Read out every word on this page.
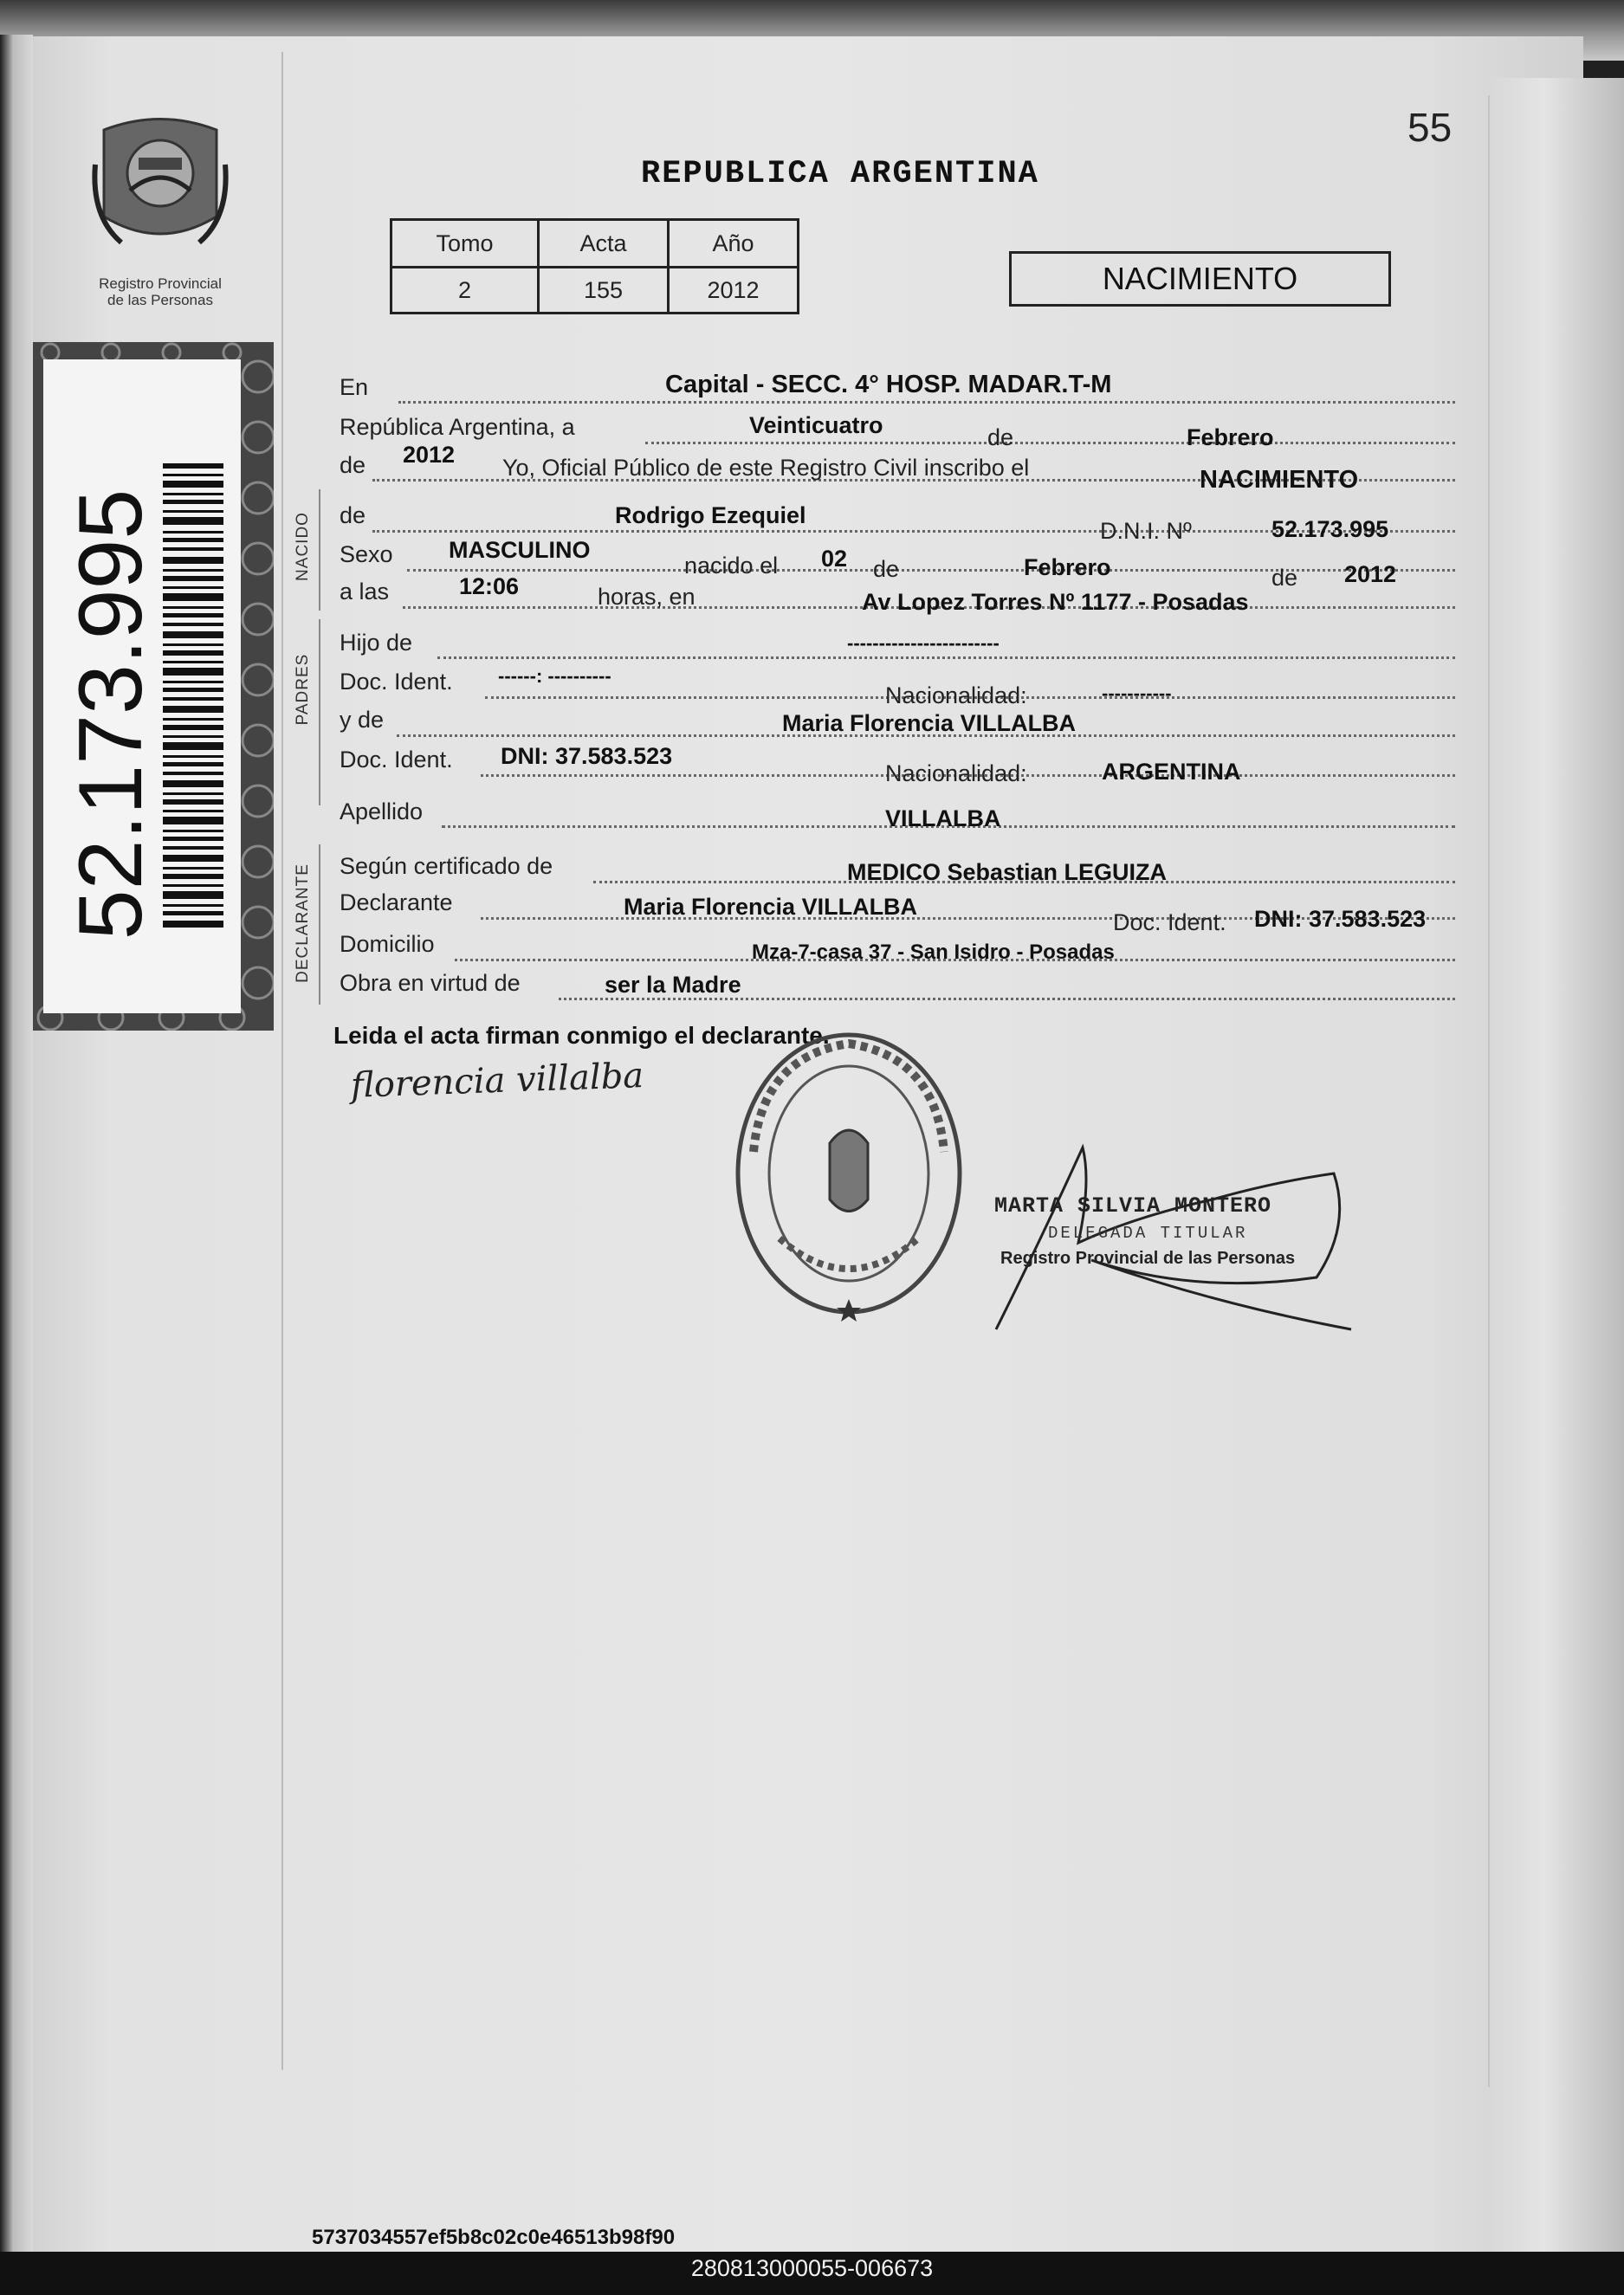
Registro Provincial
de las Personas
52.173.995
55
REPUBLICA ARGENTINA
Tomo	Acta	Año
2	155	2012	NACIMIENTO
NACIDO
PADRES
DECLARANTE
En	Capital - SECC. 4° HOSP. MADAR.T-M
República Argentina, a	Veinticuatro	de	Febrero
de 2012 Yo, Oficial Público de este Registro Civil inscribo el	NACIMIENTO
de	Rodrigo Ezequiel
D.N.I. Nº	52.173.995
Sexo MASCULINO
nacido el 02 de	Febrero	de 2012
a las	12:06	horas, en	Av Lopez Torres Nº 1177 - Posadas
Hijo de	------------------------
Doc. Ident. ------: ----------
Nacionalidad:	-----------
y de	Maria Florencia VILLALBA
Doc. Ident. DNI: 37.583.523
Nacionalidad:	ARGENTINA
Apellido	VILLALBA
Según certificado de	MEDICO Sebastian LEGUIZA
Declarante	Maria Florencia VILLALBA
Doc. Ident. DNI: 37.583.523
Domicilio	Mza-7-casa 37 - San Isidro - Posadas
Obra en virtud de	ser la Madre
Leida el acta firman conmigo el declarante.
florencia villalba
MARTA SILVIA MONTERO
DELEGADA TITULAR
Registro Provincial de las Personas
5737034557ef5b8c02c0e46513b98f90
280813000055-006673
